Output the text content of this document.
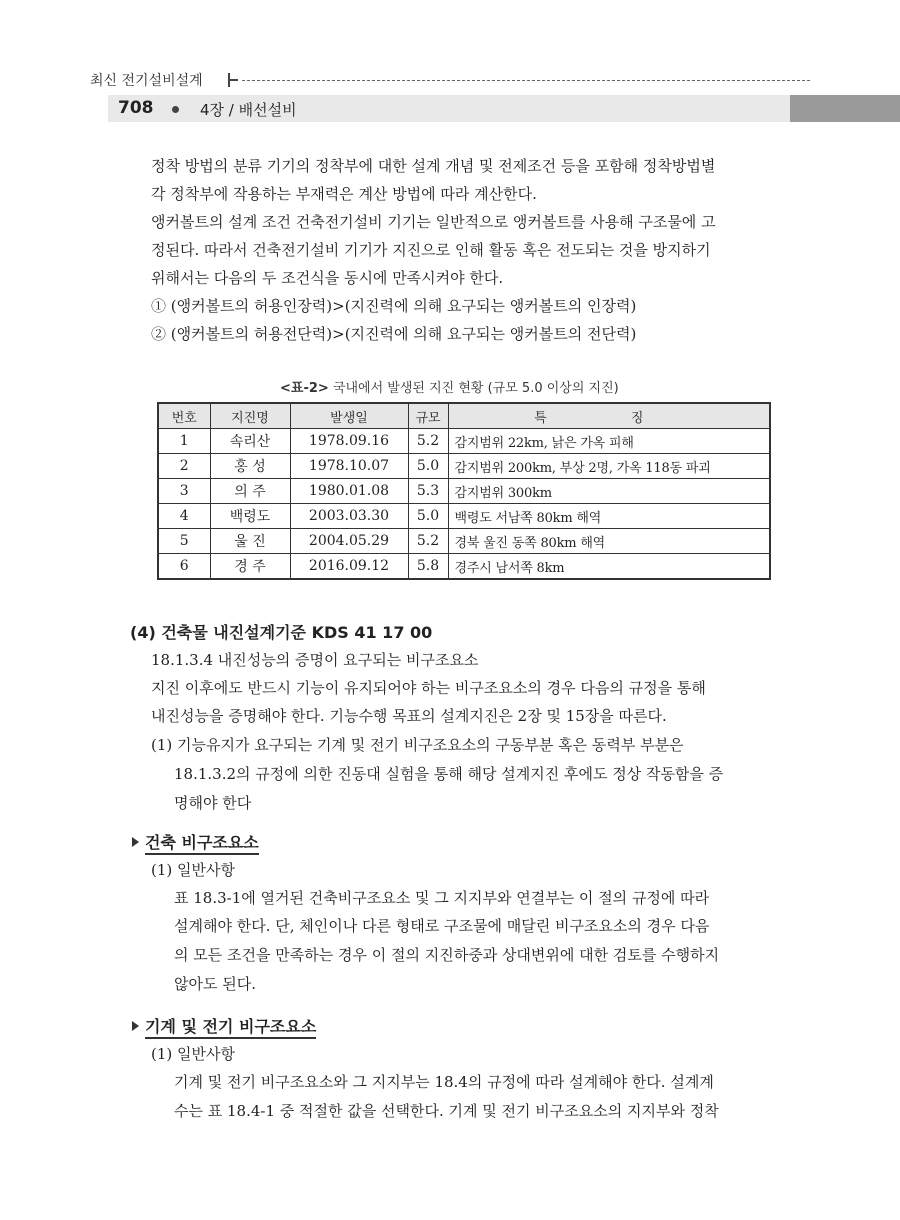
최신 전기설비설계
708	4장 / 배선설비
정착 방법의 분류 기기의 정착부에 대한 설계 개념 및 전제조건 등을 포함해 정착방법별
각 정착부에 작용하는 부재력은 계산 방법에 따라 계산한다.
앵커볼트의 설계 조건 건축전기설비 기기는 일반적으로 앵커볼트를 사용해 구조물에 고
정된다. 따라서 건축전기설비 기기가 지진으로 인해 활동 혹은 전도되는 것을 방지하기
위해서는 다음의 두 조건식을 동시에 만족시켜야 한다.
① (앵커볼트의 허용인장력)>(지진력에 의해 요구되는 앵커볼트의 인장력)
② (앵커볼트의 허용전단력)>(지진력에 의해 요구되는 앵커볼트의 전단력)
<표-2> 국내에서 발생된 지진 현황 (규모 5.0 이상의 지진)
번호	지진명	발생일	규모	특 징
1	속리산	1978.09.16	5.2	감지범위 22km, 낡은 가옥 피해
2	홍 성	1978.10.07	5.0	감지범위 200km, 부상 2명, 가옥 118동 파괴
3	의 주	1980.01.08	5.3	감지범위 300km
4	백령도	2003.03.30	5.0	백령도 서남쪽 80km 해역
5	울 진	2004.05.29	5.2	경북 울진 동쪽 80km 해역
6	경 주	2016.09.12	5.8	경주시 남서쪽 8km
(4) 건축물 내진설계기준 KDS 41 17 00
18.1.3.4 내진성능의 증명이 요구되는 비구조요소
지진 이후에도 반드시 기능이 유지되어야 하는 비구조요소의 경우 다음의 규정을 통해
내진성능을 증명해야 한다. 기능수행 목표의 설계지진은 2장 및 15장을 따른다.
(1) 기능유지가 요구되는 기계 및 전기 비구조요소의 구동부분 혹은 동력부 부분은
18.1.3.2의 규정에 의한 진동대 실험을 통해 해당 설계지진 후에도 정상 작동함을 증
명해야 한다
건축 비구조요소
(1) 일반사항
표 18.3-1에 열거된 건축비구조요소 및 그 지지부와 연결부는 이 절의 규정에 따라
설계해야 한다. 단, 체인이나 다른 형태로 구조물에 매달린 비구조요소의 경우 다음
의 모든 조건을 만족하는 경우 이 절의 지진하중과 상대변위에 대한 검토를 수행하지
않아도 된다.
기계 및 전기 비구조요소
(1) 일반사항
기계 및 전기 비구조요소와 그 지지부는 18.4의 규정에 따라 설계해야 한다. 설계계
수는 표 18.4-1 중 적절한 값을 선택한다. 기계 및 전기 비구조요소의 지지부와 정착
